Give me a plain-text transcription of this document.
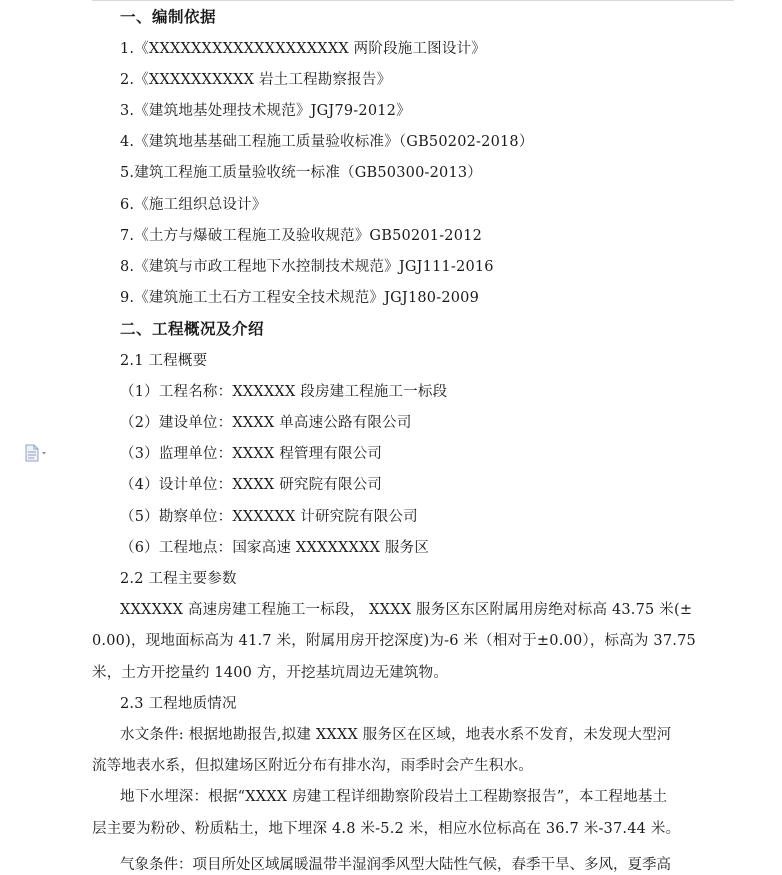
一、编制依据
1.《XXXXXXXXXXXXXXXXXXX 两阶段施工图设计》
2.《XXXXXXXXXX 岩土工程勘察报告》
3.《建筑地基处理技术规范》JGJ79-2012》
4.《建筑地基基础工程施工质量验收标准》（GB50202-2018）
5.建筑工程施工质量验收统一标准（GB50300-2013）
6.《施工组织总设计》
7.《土方与爆破工程施工及验收规范》GB50201-2012
8.《建筑与市政工程地下水控制技术规范》JGJ111-2016
9.《建筑施工土石方工程安全技术规范》JGJ180-2009
二、工程概况及介绍
2.1 工程概要
（1）工程名称：XXXXXX 段房建工程施工一标段
（2）建设单位：XXXX 单高速公路有限公司
（3）监理单位：XXXX 程管理有限公司
（4）设计单位：XXXX 研究院有限公司
（5）勘察单位：XXXXXX 计研究院有限公司
（6）工程地点：国家高速 XXXXXXXX 服务区
2.2 工程主要参数
XXXXXX 高速房建工程施工一标段， XXXX 服务区东区附属用房绝对标高 43.75 米(±
0.00)，现地面标高为 41.7 米，附属用房开挖深度)为-6 米（相对于±0.00），标高为 37.75
米，土方开挖量约 1400 方，开挖基坑周边无建筑物。
2.3 工程地质情况
水文条件: 根据地勘报告,拟建 XXXX 服务区在区域，地表水系不发育，未发现大型河
流等地表水系，但拟建场区附近分布有排水沟，雨季时会产生积水。
地下水埋深：根据“XXXX 房建工程详细勘察阶段岩土工程勘察报告”，本工程地基土
层主要为粉砂、粉质粘土，地下埋深 4.8 米-5.2 米，相应水位标高在 36.7 米-37.44 米。
气象条件：项目所处区域属暖温带半湿润季风型大陆性气候，春季干旱、多风，夏季高
